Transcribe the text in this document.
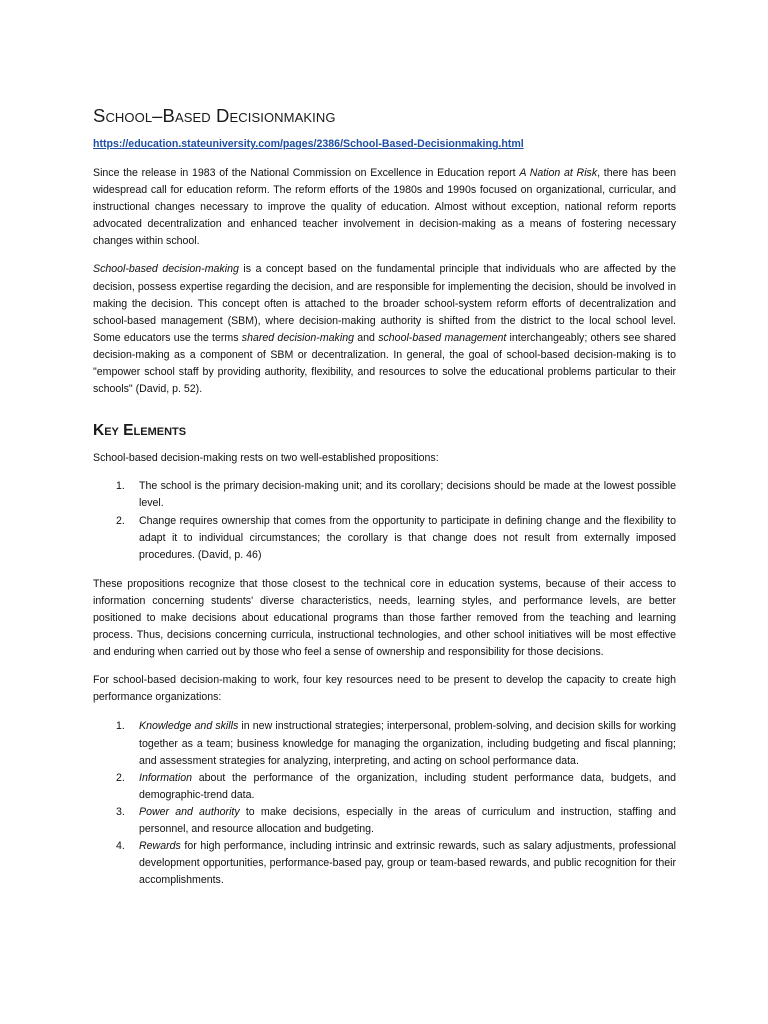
School–Based Decisionmaking
https://education.stateuniversity.com/pages/2386/School-Based-Decisionmaking.html

Since the release in 1983 of the National Commission on Excellence in Education report A Nation at Risk, there has been widespread call for education reform. The reform efforts of the 1980s and 1990s focused on organizational, curricular, and instructional changes necessary to improve the quality of education. Almost without exception, national reform reports advocated decentralization and enhanced teacher involvement in decision-making as a means of fostering necessary changes within school.

School-based decision-making is a concept based on the fundamental principle that individuals who are affected by the decision, possess expertise regarding the decision, and are responsible for implementing the decision, should be involved in making the decision. This concept often is attached to the broader school-system reform efforts of decentralization and school-based management (SBM), where decision-making authority is shifted from the district to the local school level. Some educators use the terms shared decision-making and school-based management interchangeably; others see shared decision-making as a component of SBM or decentralization. In general, the goal of school-based decision-making is to "empower school staff by providing authority, flexibility, and resources to solve the educational problems particular to their schools" (David, p. 52).

Key Elements

School-based decision-making rests on two well-established propositions:

1. The school is the primary decision-making unit; and its corollary; decisions should be made at the lowest possible level.
2. Change requires ownership that comes from the opportunity to participate in defining change and the flexibility to adapt it to individual circumstances; the corollary is that change does not result from externally imposed procedures. (David, p. 46)

These propositions recognize that those closest to the technical core in education systems, because of their access to information concerning students' diverse characteristics, needs, learning styles, and performance levels, are better positioned to make decisions about educational programs than those farther removed from the teaching and learning process. Thus, decisions concerning curricula, instructional technologies, and other school initiatives will be most effective and enduring when carried out by those who feel a sense of ownership and responsibility for those decisions.

For school-based decision-making to work, four key resources need to be present to develop the capacity to create high performance organizations:

1. Knowledge and skills in new instructional strategies; interpersonal, problem-solving, and decision skills for working together as a team; business knowledge for managing the organization, including budgeting and fiscal planning; and assessment strategies for analyzing, interpreting, and acting on school performance data.
2. Information about the performance of the organization, including student performance data, budgets, and demographic-trend data.
3. Power and authority to make decisions, especially in the areas of curriculum and instruction, staffing and personnel, and resource allocation and budgeting.
4. Rewards for high performance, including intrinsic and extrinsic rewards, such as salary adjustments, professional development opportunities, performance-based pay, group or team-based rewards, and public recognition for their accomplishments.
